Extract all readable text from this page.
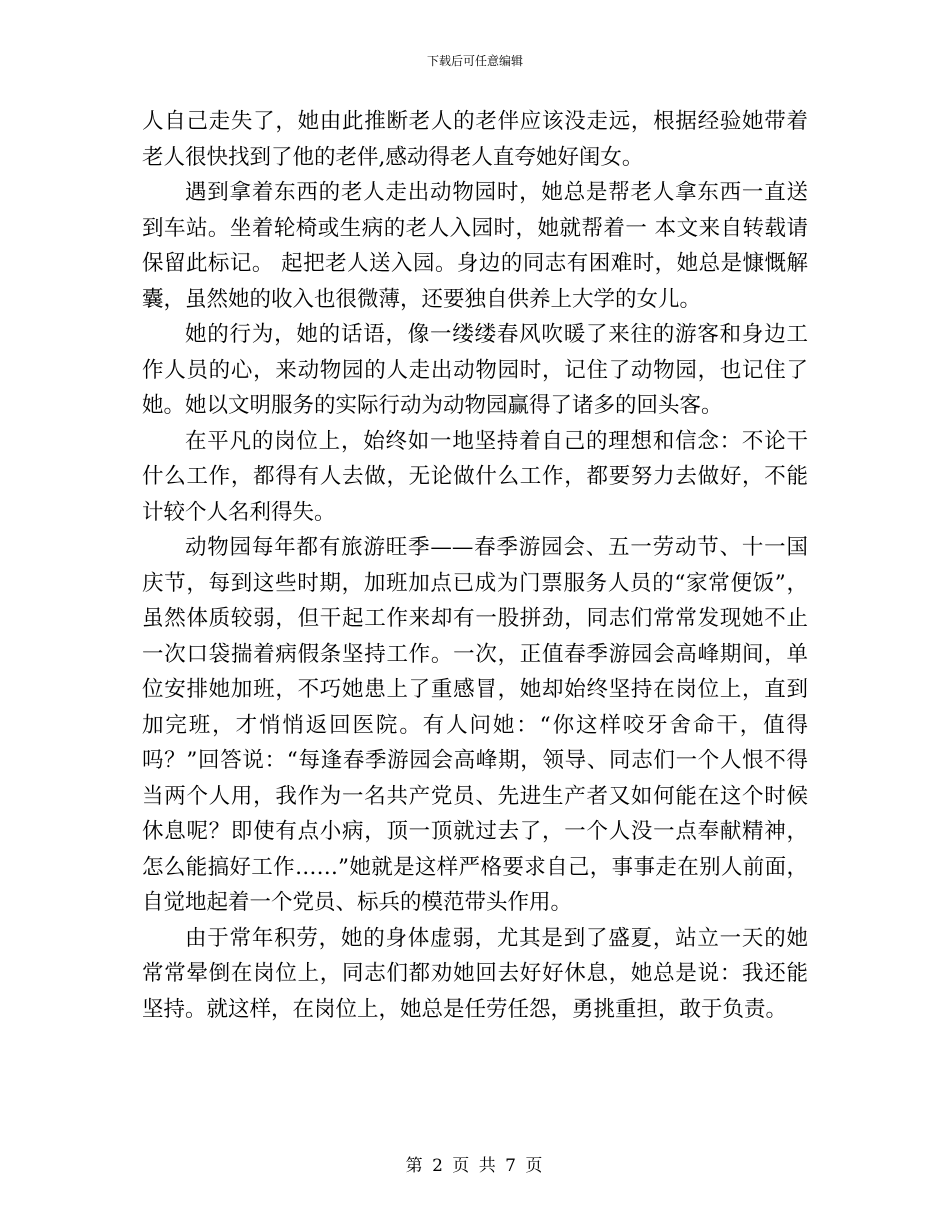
下载后可任意编辑

人自己走失了，她由此推断老人的老伴应该没走远，根据经验她带着老人很快找到了他的老伴,感动得老人直夸她好闺女。

遇到拿着东西的老人走出动物园时，她总是帮老人拿东西一直送到车站。坐着轮椅或生病的老人入园时，她就帮着一 本文来自转载请保留此标记。 起把老人送入园。身边的同志有困难时，她总是慷慨解囊，虽然她的收入也很微薄，还要独自供养上大学的女儿。

她的行为，她的话语，像一缕缕春风吹暖了来往的游客和身边工作人员的心，来动物园的人走出动物园时，记住了动物园，也记住了她。她以文明服务的实际行动为动物园赢得了诸多的回头客。

在平凡的岗位上，始终如一地坚持着自己的理想和信念：不论干什么工作，都得有人去做，无论做什么工作，都要努力去做好，不能计较个人名利得失。

动物园每年都有旅游旺季——春季游园会、五一劳动节、十一国庆节，每到这些时期，加班加点已成为门票服务人员的“家常便饭”，虽然体质较弱，但干起工作来却有一股拼劲，同志们常常发现她不止一次口袋揣着病假条坚持工作。一次，正值春季游园会高峰期间，单位安排她加班，不巧她患上了重感冒，她却始终坚持在岗位上，直到加完班，才悄悄返回医院。有人问她：“你这样咬牙舍命干，值得吗？”回答说：“每逢春季游园会高峰期，领导、同志们一个人恨不得当两个人用，我作为一名共产党员、先进生产者又如何能在这个时候休息呢？即使有点小病，顶一顶就过去了，一个人没一点奉献精神，怎么能搞好工作……”她就是这样严格要求自己，事事走在别人前面，自觉地起着一个党员、标兵的模范带头作用。

由于常年积劳，她的身体虚弱，尤其是到了盛夏，站立一天的她常常晕倒在岗位上，同志们都劝她回去好好休息，她总是说：我还能坚持。就这样，在岗位上，她总是任劳任怨，勇挑重担，敢于负责。

第 2 页 共 7 页
